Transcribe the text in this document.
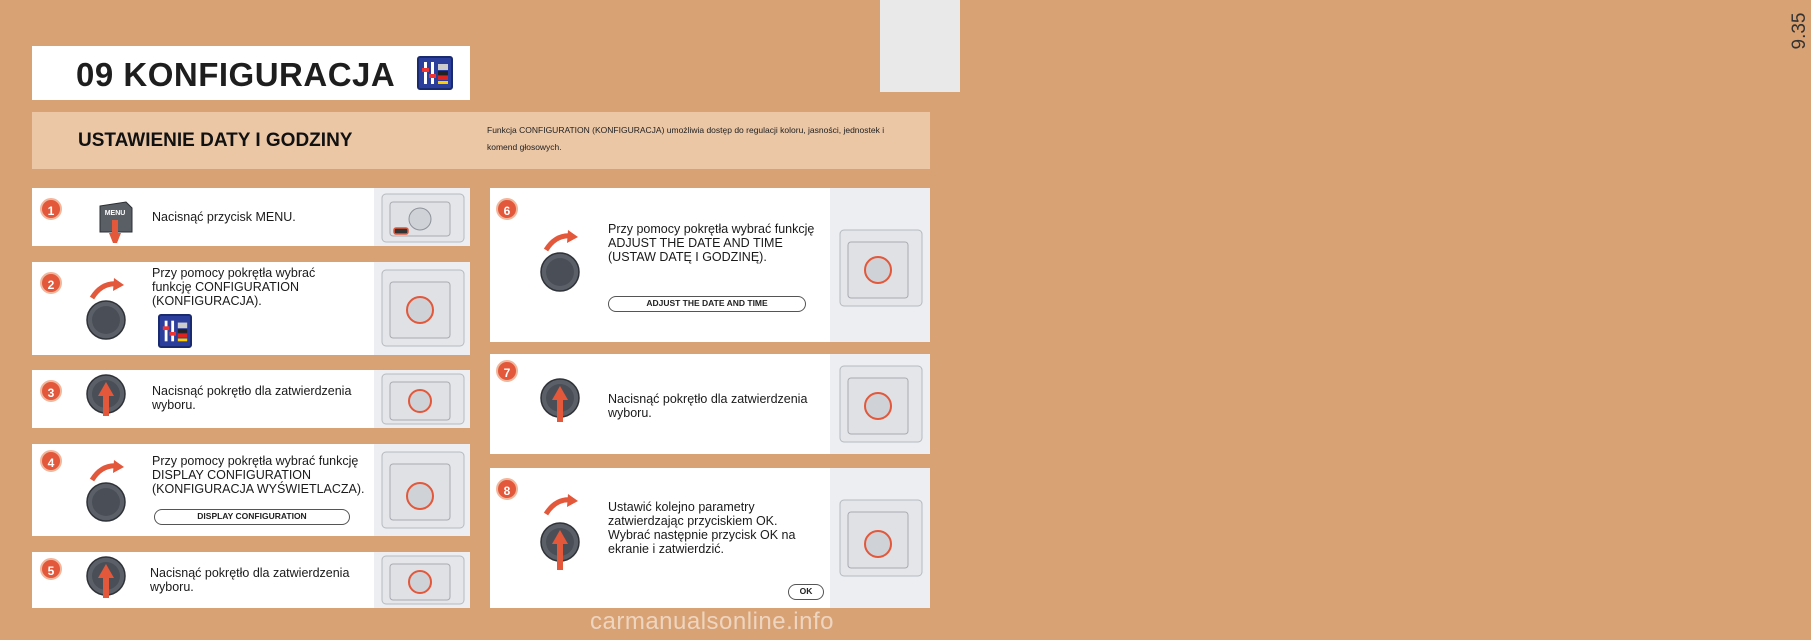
9.35
09 KONFIGURACJA
USTAWIENIE DATY I GODZINY	Funkcja CONFIGURATION (KONFIGURACJA) umożliwia dostęp do regulacji koloru, jasności, jednostek i komend głosowych.
1	MENU Nacisnąć przycisk MENU.
2
Przy pomocy pokrętła wybrać funkcję CONFIGURATION (KONFIGURACJA).
3	Nacisnąć pokrętło dla zatwierdzenia wyboru.
4	Przy pomocy pokrętła wybrać funkcję DISPLAY CONFIGURATION (KONFIGURACJA WYŚWIETLACZA).
DISPLAY CONFIGURATION
5	Nacisnąć pokrętło dla zatwierdzenia wyboru.
6
Przy pomocy pokrętła wybrać funkcję ADJUST THE DATE AND TIME (USTAW DATĘ I GODZINĘ).
ADJUST THE DATE AND TIME
7
Nacisnąć pokrętło dla zatwierdzenia wyboru.
8
Ustawić kolejno parametry zatwierdzając przyciskiem OK. Wybrać następnie przycisk OK na ekranie i zatwierdzić.
OK
carmanualsonline.info
